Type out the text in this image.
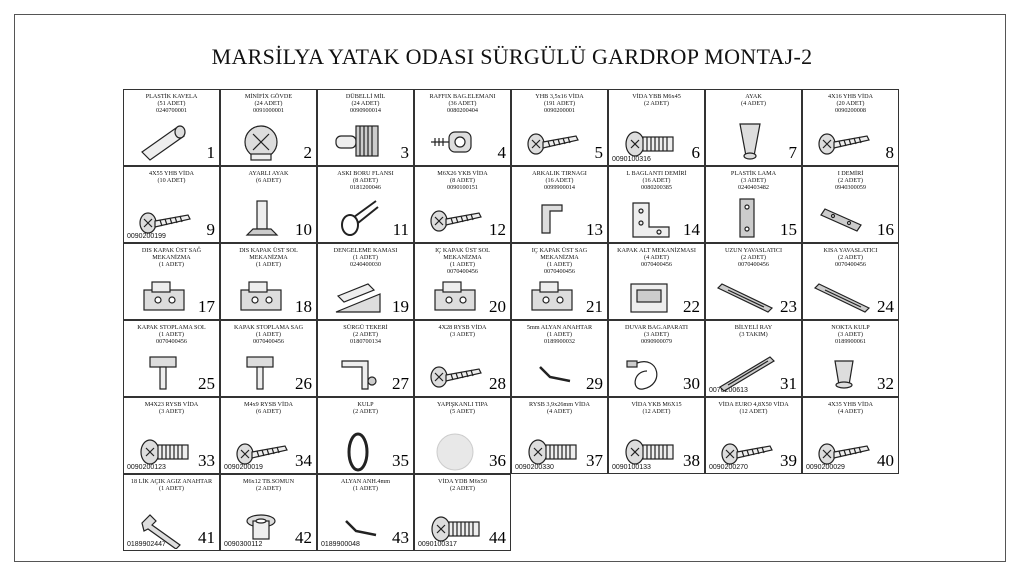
MARSİLYA YATAK ODASI SÜRGÜLÜ GARDROP MONTAJ-2
PLASTİK KAVELA
(51 ADET)
0240700001
1
MİNİFİX GÖVDE
(24 ADET)
0091000001
2
DÜBELLİ MİL
(24 ADET)
0090900014
3
RAFFIX BAG.ELEMANI
(36 ADET)
0080200404
4
YHB 3,5x16 VİDA
(191 ADET)
0090200001
5
VİDA YBB M6x45
(2 ADET)
0090100316 6
AYAK
(4 ADET)
7
4X16 YHB VİDA
(20 ADET)
0090200008
8
4X55 YHB VİDA
(10 ADET)
0090200199 9
AYARLI AYAK
(6 ADET)
10
ASKI BORU FLANSI
(8 ADET)
0181200046
11
M6X26 YKB VİDA
(8 ADET)
0090100151
12
ARKALIK TIRNAGI
(16 ADET)
0099900014
13
L BAGLANTI DEMİRİ
(16 ADET)
0080200385
14
PLASTİK LAMA
(3 ADET)
0240403482
15
I DEMİRİ
(2 ADET)
0940300059
16
DIS KAPAK ÜST SAĞ MEKANİZMA
(1 ADET)
17
DIS KAPAK ÜST SOL MEKANİZMA
(1 ADET)
18
DENGELEME KAMASI
(1 ADET)
0240400030
19
IÇ KAPAK ÜST SOL MEKANİZMA
(1 ADET)
0070400456
20
IÇ KAPAK ÜST SAG MEKANİZMA
(1 ADET)
0070400456
21
KAPAK ALT MEKANİZMASI
(4 ADET)
0070400456
22
UZUN YAVASLATICI
(2 ADET)
0070400456
23
KISA YAVASLATICI
(2 ADET)
0070400456
24
KAPAK STOPLAMA SOL
(1 ADET)
0070400456
25
KAPAK STOPLAMA SAG
(1 ADET)
0070400456
26
SÜRGÜ TEKERİ
(2 ADET)
0180700134
27
4X28 RYSB VİDA
(3 ADET)
28
5mm ALYAN ANAHTAR
(1 ADET)
0189900032
29
DUVAR BAG.APARATI
(3 ADET)
0090900079
30
BİLYELİ RAY
(3 TAKIM)
0070200613 31
NOKTA KULP
(3 ADET)
0189900061
32
M4X23 RYSB VİDA
(3 ADET)
0090200123 33
M4x9 RYSB VİDA
(6 ADET)
0090200019 34
KULP
(2 ADET)
35
YAPIŞKANLI TIPA
(5 ADET)
36
RYSB 3,9x26mm VİDA
(4 ADET)
0090200330 37
VİDA YKB M6X15
(12 ADET)
0090100133 38
VİDA EURO 4,8X50 VİDA
(12 ADET)
0090200270 39
4X35 YHB VİDA
(4 ADET)
0090200029 40
18 LİK AÇIK AGIZ ANAHTAR
(1 ADET)
0189902447 41
M6x12 TB.SOMUN
(2 ADET)
0090300112 42
ALYAN ANH.4mm
(1 ADET)
0189900048 43
VİDA YDB M6x50
(2 ADET)
0090100317 44
